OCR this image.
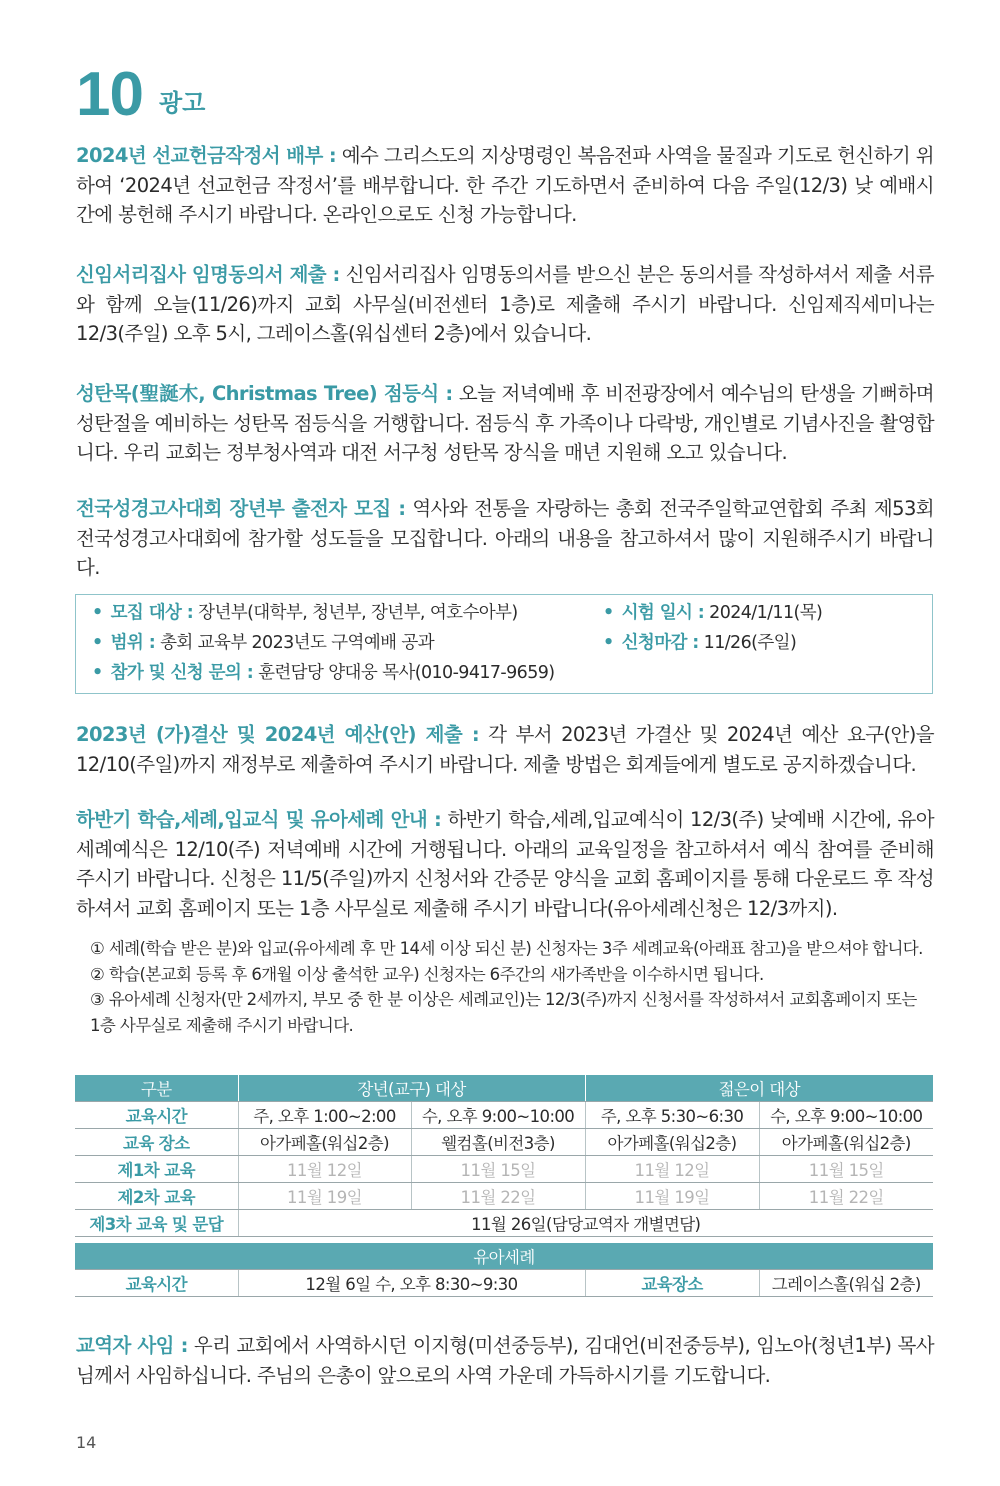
10 광고
2024년 선교헌금작정서 배부 : 예수 그리스도의 지상명령인 복음전파 사역을 물질과 기도로 헌신하기 위하여 ‘2024년 선교헌금 작정서’를 배부합니다. 한 주간 기도하면서 준비하여 다음 주일(12/3) 낮 예배시간에 봉헌해 주시기 바랍니다. 온라인으로도 신청 가능합니다.
신임서리집사 임명동의서 제출 : 신임서리집사 임명동의서를 받으신 분은 동의서를 작성하셔서 제출 서류와 함께 오늘(11/26)까지 교회 사무실(비전센터 1층)로 제출해 주시기 바랍니다. 신임제직세미나는 12/3(주일) 오후 5시, 그레이스홀(워십센터 2층)에서 있습니다.
성탄목(聖誕木, Christmas Tree) 점등식 : 오늘 저녁예배 후 비전광장에서 예수님의 탄생을 기뻐하며 성탄절을 예비하는 성탄목 점등식을 거행합니다. 점등식 후 가족이나 다락방, 개인별로 기념사진을 촬영합니다. 우리 교회는 정부청사역과 대전 서구청 성탄목 장식을 매년 지원해 오고 있습니다.
전국성경고사대회 장년부 출전자 모집 : 역사와 전통을 자랑하는 총회 전국주일학교연합회 주최 제53회 전국성경고사대회에 참가할 성도들을 모집합니다. 아래의 내용을 참고하셔서 많이 지원해주시기 바랍니다.
• 모집 대상 : 장년부(대학부, 청년부, 장년부, 여호수아부)
• 범위 : 총회 교육부 2023년도 구역예배 공과
• 참가 및 신청 문의 : 훈련담당 양대웅 목사(010-9417-9659)
• 시험 일시 : 2024/1/11(목)
• 신청마감 : 11/26(주일)
2023년 (가)결산 및 2024년 예산(안) 제출 : 각 부서 2023년 가결산 및 2024년 예산 요구(안)을 12/10(주일)까지 재정부로 제출하여 주시기 바랍니다. 제출 방법은 회계들에게 별도로 공지하겠습니다.
하반기 학습,세례,입교식 및 유아세례 안내 : 하반기 학습,세례,입교예식이 12/3(주) 낮예배 시간에, 유아세례예식은 12/10(주) 저녁예배 시간에 거행됩니다. 아래의 교육일정을 참고하셔서 예식 참여를 준비해주시기 바랍니다. 신청은 11/5(주일)까지 신청서와 간증문 양식을 교회 홈페이지를 통해 다운로드 후 작성하셔서 교회 홈페이지 또는 1층 사무실로 제출해 주시기 바랍니다(유아세례신청은 12/3까지).

① 세례(학습 받은 분)와 입교(유아세례 후 만 14세 이상 되신 분) 신청자는 3주 세례교육(아래표 참고)을 받으셔야 합니다.

② 학습(본교회 등록 후 6개월 이상 출석한 교우) 신청자는 6주간의 새가족반을 이수하시면 됩니다.

③ 유아세례 신청자(만 2세까지, 부모 중 한 분 이상은 세례교인)는 12/3(주)까지 신청서를 작성하셔서 교회홈페이지 또는 1층 사무실로 제출해 주시기 바랍니다.

구분	장년(교구) 대상		젊은이 대상	
교육시간	주, 오후 1:00~2:00	수, 오후 9:00~10:00	주, 오후 5:30~6:30	수, 오후 9:00~10:00
교육 장소	아가페홀(워십2층)	웰컴홀(비전3층)	아가페홀(워십2층)	아가페홀(워십2층)
제1차 교육	11월 12일	11월 15일	11월 12일	11월 15일
제2차 교육	11월 19일	11월 22일	11월 19일	11월 22일
제3차 교육 및 문답	11월 26일(담당교역자 개별면담)			
유아세례
교육시간	12월 6일 수, 오후 8:30~9:30	교육장소	그레이스홀(워십 2층)
교역자 사임 : 우리 교회에서 사역하시던 이지형(미션중등부), 김대언(비전중등부), 임노아(청년1부) 목사님께서 사임하십니다. 주님의 은총이 앞으로의 사역 가운데 가득하시기를 기도합니다.
14
